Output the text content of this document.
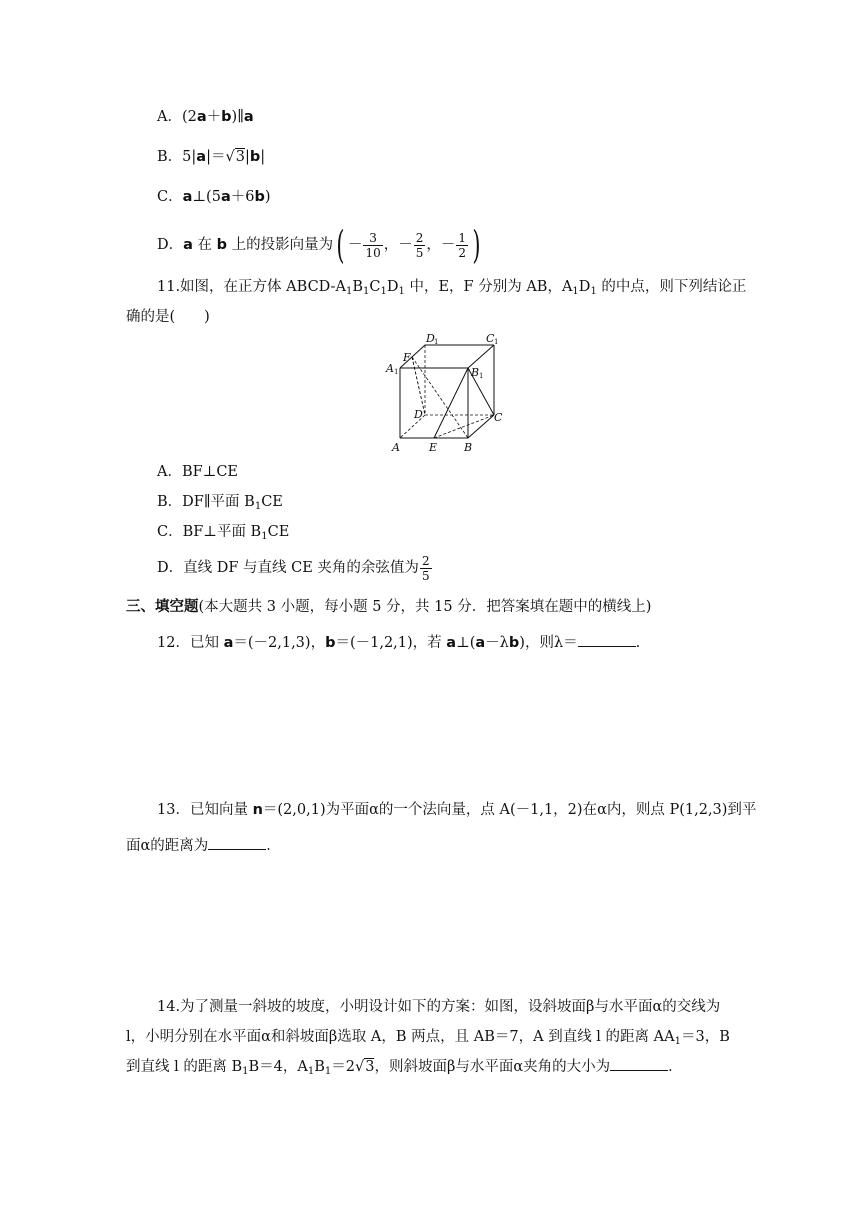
A．(2a＋b)∥a
B．5|a|＝√3|b|
C．a⊥(5a＋6b)
D．a 在 b 上的投影向量为( － $\frac{3}{10}$ ，－ $\frac{2}{5}$ ，－ $\frac{1}{2}$ )
11.如图，在正方体 ABCD-$A_1B_1C_1D_1$ 中，E，F 分别为 AB，$A_1D_1$ 的中点，则下列结论正
确的是(　　)
D 1	C 1
F
A 1	B 1
D	C
A	E B
A．BF⊥CE
B．DF∥平面 $B_1CE$
C．BF⊥平面 $B_1CE$
D．直线 DF 与直线 CE 夹角的余弦值为 $\frac{2}{5}$
三、填空题(本大题共 3 小题，每小题 5 分，共 15 分．把答案填在题中的横线上)
12．已知 a＝(－2,1,3)，b＝(－1,2,1)，若 a⊥(a－λb)，则λ＝	.
13．已知向量 n＝(2,0,1)为平面α的一个法向量，点 A(－1,1，2)在α内，则点 P(1,2,3)到平
面α的距离为	．
14.为了测量一斜坡的坡度，小明设计如下的方案：如图，设斜坡面β与水平面α的交线为
l，小明分别在水平面α和斜坡面β选取 A，B 两点，且 AB＝7，A 到直线 l 的距离 $AA_1=3$，B
到直线 l 的距离 $B_1B=4$，$A_1B_1=2√3$，则斜坡面β与水平面α夹角的大小为	．
